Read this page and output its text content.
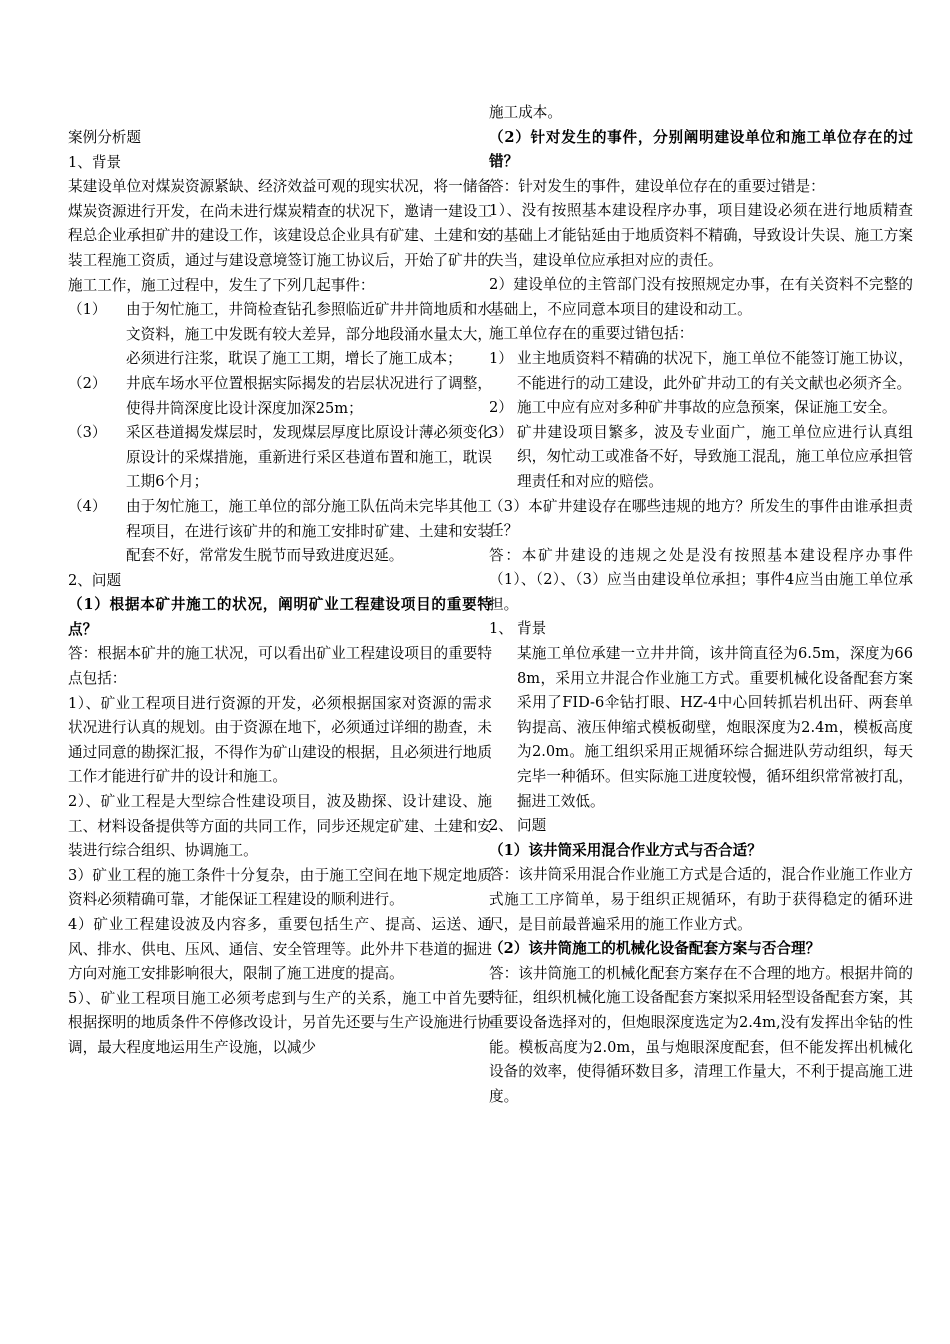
案例分析题

1、背景

某建设单位对煤炭资源紧缺、经济效益可观的现实状况，将一储备煤炭资源进行开发，在尚未进行煤炭精查的状况下，邀请一建设工程总企业承担矿井的建设工作，该建设总企业具有矿建、土建和安装工程施工资质，通过与建设意境签订施工协议后，开始了矿井的施工工作，施工过程中，发生了下列几起事件：

（1）	由于匆忙施工，井筒检查钻孔参照临近矿井井筒地质和水文资料，施工中发既有较大差异，部分地段涌水量太大，必须进行注浆，耽误了施工工期，增长了施工成本；
（2）	井底车场水平位置根据实际揭发的岩层状况进行了调整，使得井筒深度比设计深度加深25m；
（3）	采区巷道揭发煤层时，发现煤层厚度比原设计薄必须变化原设计的采煤措施，重新进行采区巷道布置和施工，耽误工期6个月；
（4）	由于匆忙施工，施工单位的部分施工队伍尚未完毕其他工程项目，在进行该矿井的和施工安排时矿建、土建和安装配套不好，常常发生脱节而导致进度迟延。

2、问题

（1）根据本矿井施工的状况，阐明矿业工程建设项目的重要特点？

答：根据本矿井的施工状况，可以看出矿业工程建设项目的重要特点包括：

1）、矿业工程项目进行资源的开发，必须根据国家对资源的需求状况进行认真的规划。由于资源在地下，必须通过详细的勘查，未通过同意的勘探汇报，不得作为矿山建设的根据，且必须进行地质工作才能进行矿井的设计和施工。

2）、矿业工程是大型综合性建设项目，波及勘探、设计建设、施工、材料设备提供等方面的共同工作，同步还规定矿建、土建和安装进行综合组织、协调施工。

3）矿业工程的施工条件十分复杂，由于施工空间在地下规定地质资料必须精确可靠，才能保证工程建设的顺利进行。

4）矿业工程建设波及内容多，重要包括生产、提高、运送、通风、排水、供电、压风、通信、安全管理等。此外井下巷道的掘进方向对施工安排影响很大，限制了施工进度的提高。

5）、矿业工程项目施工必须考虑到与生产的关系，施工中首先要根据探明的地质条件不停修改设计，另首先还要与生产设施进行协调，最大程度地运用生产设施，以减少

施工成本。

（2）针对发生的事件，分别阐明建设单位和施工单位存在的过错？

答：针对发生的事件，建设单位存在的重要过错是：

1）、没有按照基本建设程序办事，项目建设必须在进行地质精查的基础上才能钻延由于地质资料不精确，导致设计失误、施工方案失当，建设单位应承担对应的责任。

2）建设单位的主管部门没有按照规定办事，在有关资料不完整的基础上，不应同意本项目的建设和动工。

施工单位存在的重要过错包括：

1） 业主地质资料不精确的状况下，施工单位不能签订施工协议，不能进行的动工建设，此外矿井动工的有关文献也必须齐全。
2） 施工中应有应对多种矿井事故的应急预案，保证施工安全。
3） 矿井建设项目繁多，波及专业面广，施工单位应进行认真组织，匆忙动工或准备不好，导致施工混乱，施工单位应承担管理责任和对应的赔偿。

（3）本矿井建设存在哪些违规的地方？所发生的事件由谁承担责任？

答：本矿井建设的违规之处是没有按照基本建设程序办事件（1）、（2）、（3）应当由建设单位承担；事件4应当由施工单位承担。

1、 背景
某施工单位承建一立井井筒，该井筒直径为6.5m，深度为668m，采用立井混合作业施工方式。重要机械化设备配套方案采用了FID-6伞钻打眼、HZ-4中心回转抓岩机出矸、两套单钩提高、液压伸缩式模板砌壁，炮眼深度为2.4m，模板高度为2.0m。施工组织采用正规循环综合掘进队劳动组织，每天完毕一种循环。但实际施工进度较慢，循环组织常常被打乱，掘进工效低。
2、 问题

（1）该井筒采用混合作业方式与否合适？

答：该井筒采用混合作业施工方式是合适的，混合作业施工作业方式施工工序简单，易于组织正规循环，有助于获得稳定的循环进尺，是目前最普遍采用的施工作业方式。

（2）该井筒施工的机械化设备配套方案与否合理？

答：该井筒施工的机械化配套方案存在不合理的地方。根据井筒的特征，组织机械化施工设备配套方案拟采用轻型设备配套方案，其重要设备选择对的，但炮眼深度选定为2.4m,没有发挥出伞钻的性能。模板高度为2.0m，虽与炮眼深度配套，但不能发挥出机械化设备的效率，使得循环数目多，清理工作量大，不利于提高施工进度。
